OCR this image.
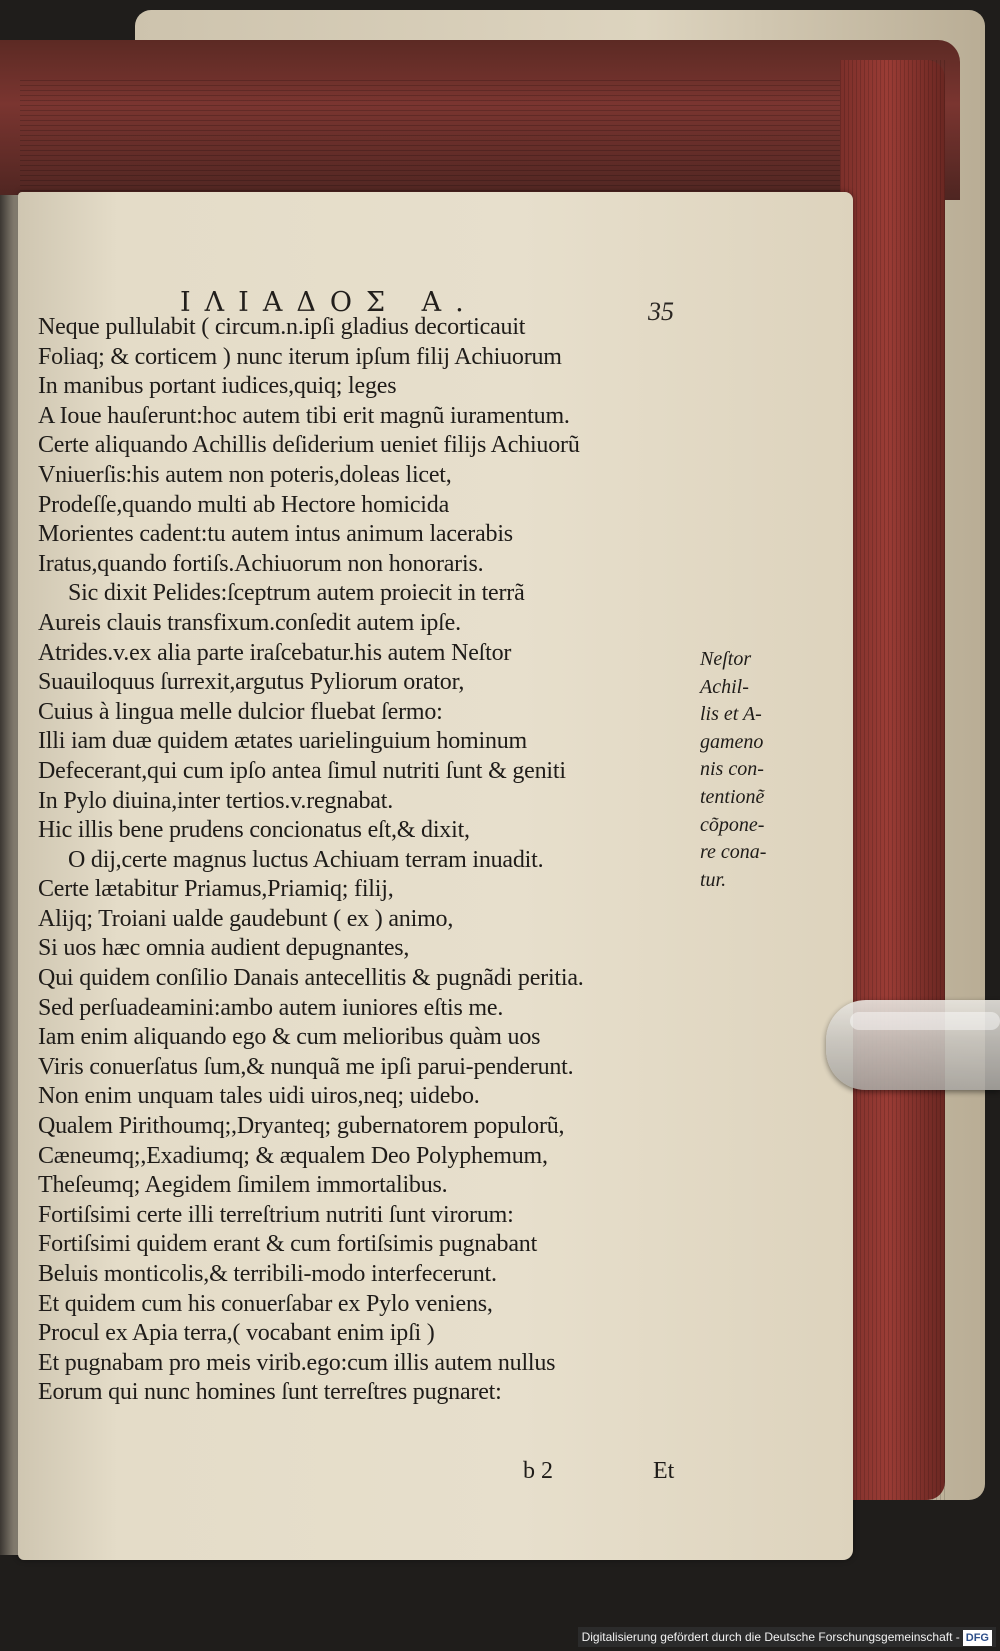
ΙΛΙΑΔΟΣ Α.	35
Neque pullulabit ( circum.n.ipſi gladius decorticauit
Foliaq; & corticem ) nunc iterum ipſum filij Achiuorum
In manibus portant iudices,quiq; leges
A Ioue hauſerunt:hoc autem tibi erit magnũ iuramentum.
Certe aliquando Achillis deſiderium ueniet filijs Achiuorũ
Vniuerſis:his autem non poteris,doleas licet,
Prodeſſe,quando multi ab Hectore homicida
Morientes cadent:tu autem intus animum lacerabis
Iratus,quando fortiſs.Achiuorum non honoraris.
Sic dixit Pelides:ſceptrum autem proiecit in terrã
Aureis clauis transfixum.conſedit autem ipſe.
Atrides.v.ex alia parte iraſcebatur.his autem Neſtor
Suauiloquus ſurrexit,argutus Pyliorum orator,
Cuius à lingua melle dulcior fluebat ſermo:
Illi iam duæ quidem ætates uarielinguium hominum
Defecerant,qui cum ipſo antea ſimul nutriti ſunt & geniti
In Pylo diuina,inter tertios.v.regnabat.
Hic illis bene prudens concionatus eſt,& dixit,
O dij,certe magnus luctus Achiuam terram inuadit.
Certe lætabitur Priamus,Priamiq; filij,
Alijq; Troiani ualde gaudebunt ( ex ) animo,
Si uos hæc omnia audient depugnantes,
Qui quidem conſilio Danais antecellitis & pugnãdi peritia.
Sed perſuadeamini:ambo autem iuniores eſtis me.
Iam enim aliquando ego & cum melioribus quàm uos
Viris conuerſatus ſum,& nunquã me ipſi parui-penderunt.
Non enim unquam tales uidi uiros,neq; uidebo.
Qualem Pirithoumq;,Dryanteq; gubernatorem populorũ,
Cæneumq;,Exadiumq; & æqualem Deo Polyphemum,
Theſeumq; Aegidem ſimilem immortalibus.
Fortiſsimi certe illi terreſtrium nutriti ſunt virorum:
Fortiſsimi quidem erant & cum fortiſsimis pugnabant
Beluis monticolis,& terribili-modo interfecerunt.
Et quidem cum his conuerſabar ex Pylo veniens,
Procul ex Apia terra,( vocabant enim ipſi )
Et pugnabam pro meis virib.ego:cum illis autem nullus
Eorum qui nunc homines ſunt terreſtres pugnaret:
Neſtor
Achil-
lis et A-
gameno
nis con-
tentionẽ
cõpone-
re cona-
tur.
b 2	Et
Digitalisierung gefördert durch die Deutsche Forschungsgemeinschaft - DFG
